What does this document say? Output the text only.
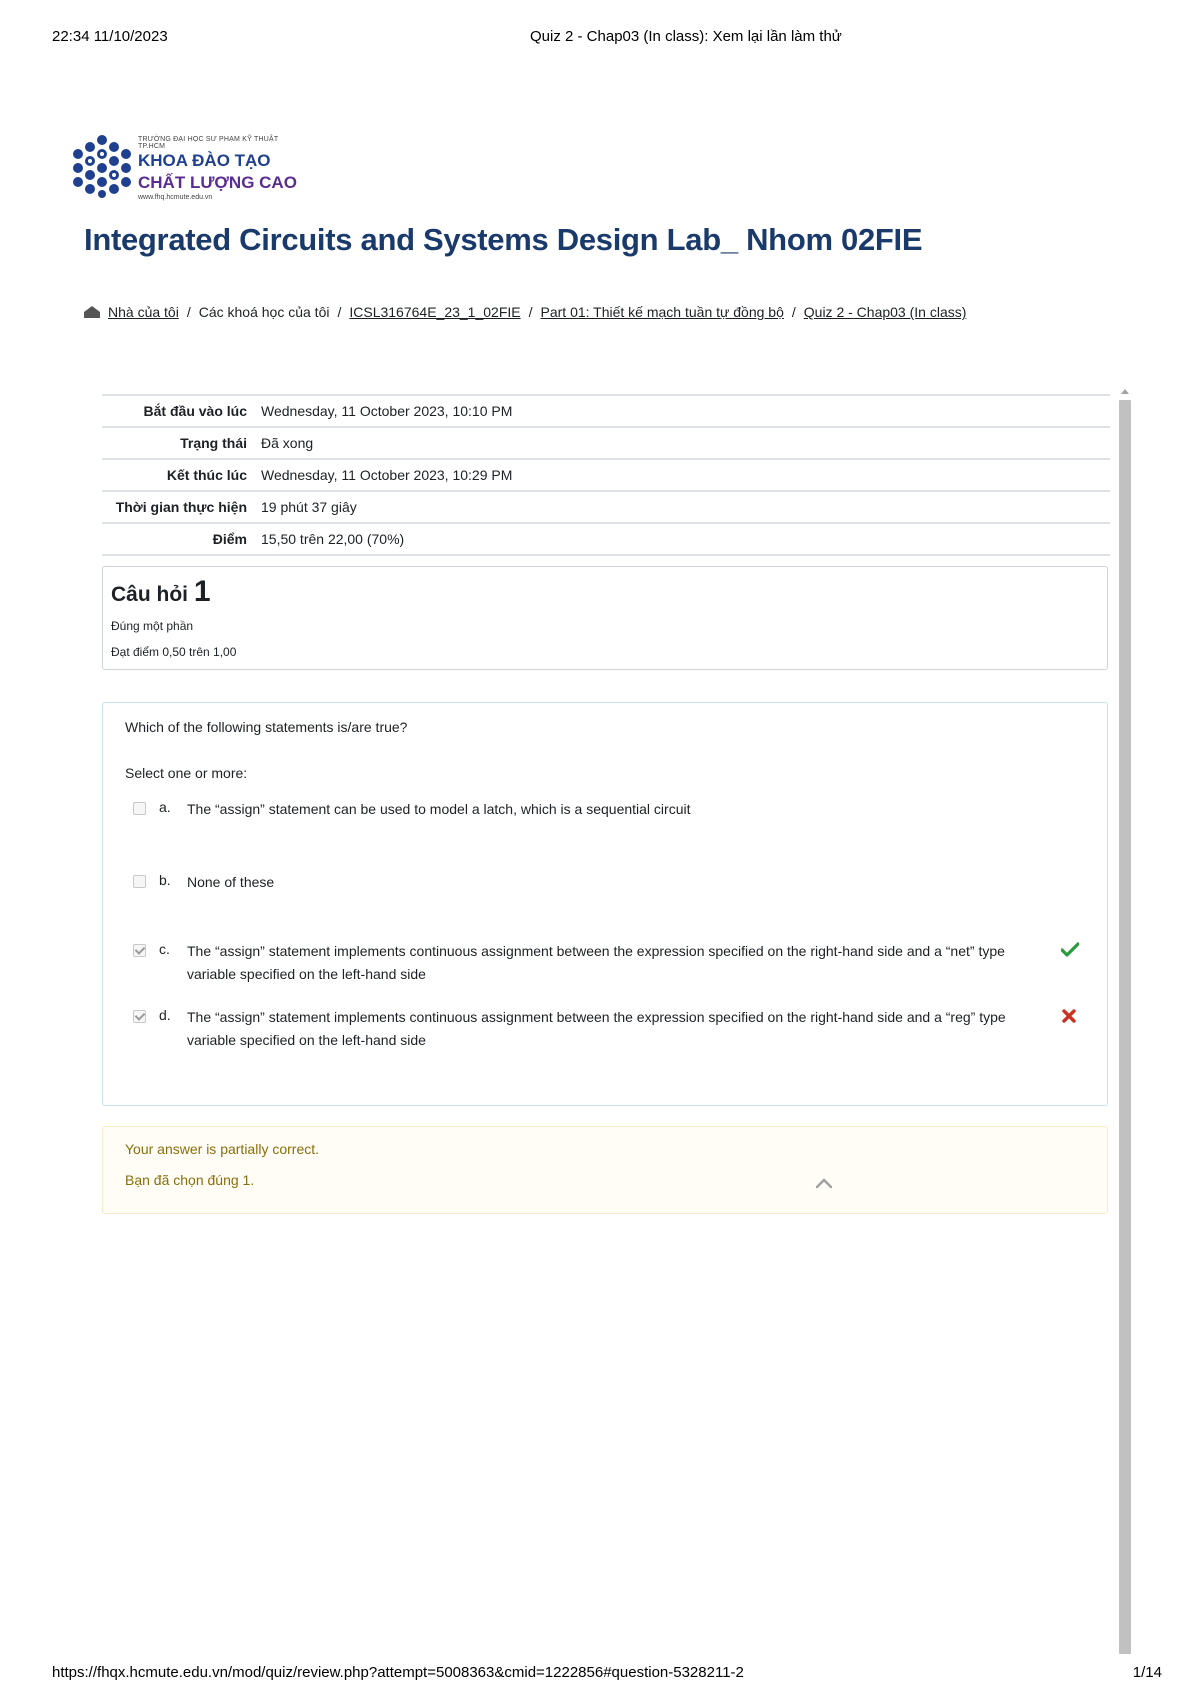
22:34 11/10/2023	Quiz 2 - Chap03 (In class): Xem lại lần làm thử
TRƯỜNG ĐẠI HỌC SƯ PHẠM KỸ THUẬT TP.HCM
KHOA ĐÀO TẠO
CHẤT LƯỢNG CAO
www.fhq.hcmute.edu.vn
Integrated Circuits and Systems Design Lab_ Nhom 02FIE
Nhà của tôi / Các khoá học của tôi / ICSL316764E_23_1_02FIE / Part 01: Thiết kế mạch tuần tự đồng bộ / Quiz 2 - Chap03 (In class)
Bắt đầu vào lúc	Wednesday, 11 October 2023, 10:10 PM
Trạng thái	Đã xong
Kết thúc lúc	Wednesday, 11 October 2023, 10:29 PM
Thời gian thực hiện	19 phút 37 giây
Điểm	15,50 trên 22,00 (70%)
Câu hỏi 1
Đúng một phần
Đạt điểm 0,50 trên 1,00
Which of the following statements is/are true?
Select one or more:
a. The “assign” statement can be used to model a latch, which is a sequential circuit
b. None of these
c. The “assign” statement implements continuous assignment between the expression specified on the right-hand side and a “net” type variable specified on the left-hand side
d. The “assign” statement implements continuous assignment between the expression specified on the right-hand side and a “reg” type variable specified on the left-hand side
Your answer is partially correct.
Bạn đã chọn đúng 1.
https://fhqx.hcmute.edu.vn/mod/quiz/review.php?attempt=5008363&cmid=1222856#question-5328211-2	1/14
